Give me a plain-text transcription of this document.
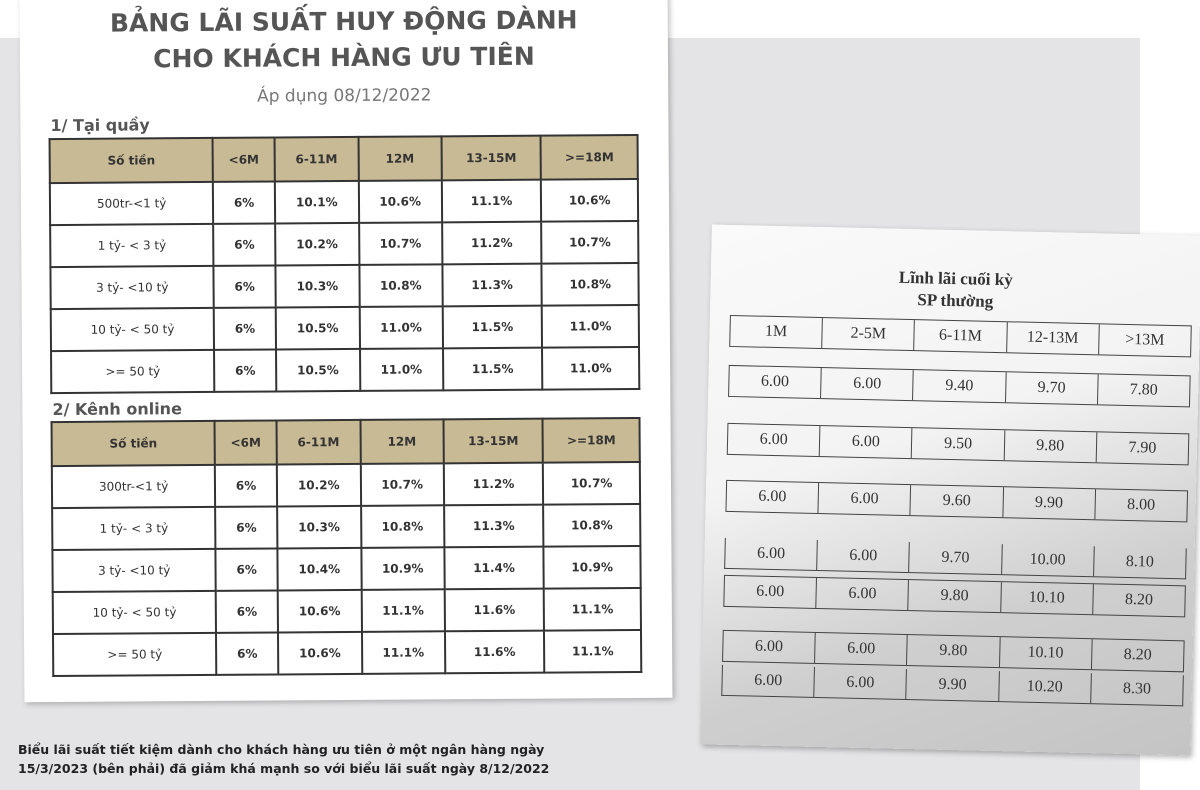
BẢNG LÃI SUẤT HUY ĐỘNG DÀNH
CHO KHÁCH HÀNG ƯU TIÊN
Áp dụng 08/12/2022
1/ Tại quầy
Số tiền	<6M	6-11M	12M	13-15M	>=18M
500tr-<1 tỷ	6%	10.1%	10.6%	11.1%	10.6%
1 tỷ- < 3 tỷ	6%	10.2%	10.7%	11.2%	10.7%
3 tỷ- <10 tỷ	6%	10.3%	10.8%	11.3%	10.8%
10 tỷ- < 50 tỷ	6%	10.5%	11.0%	11.5%	11.0%
>= 50 tỷ	6%	10.5%	11.0%	11.5%	11.0%
2/ Kênh online
Số tiền	<6M	6-11M	12M	13-15M	>=18M
300tr-<1 tỷ	6%	10.2%	10.7%	11.2%	10.7%
1 tỷ- < 3 tỷ	6%	10.3%	10.8%	11.3%	10.8%
3 tỷ- <10 tỷ	6%	10.4%	10.9%	11.4%	10.9%
10 tỷ- < 50 tỷ	6%	10.6%	11.1%	11.6%	11.1%
>= 50 tỷ	6%	10.6%	11.1%	11.6%	11.1%
Lĩnh lãi cuối kỳ
SP thường
1M	2-5M	6-11M	12-13M	>13M
6.00	6.00	9.40	9.70	7.80
6.00	6.00	9.50	9.80	7.90
6.00	6.00	9.60	9.90	8.00
6.00	6.00	9.70	10.00	8.10
6.00	6.00	9.80	10.10	8.20
6.00	6.00	9.80	10.10	8.20
6.00	6.00	9.90	10.20	8.30
Biểu lãi suất tiết kiệm dành cho khách hàng ưu tiên ở một ngân hàng ngày
15/3/2023 (bên phải) đã giảm khá mạnh so với biểu lãi suất ngày 8/12/2022
